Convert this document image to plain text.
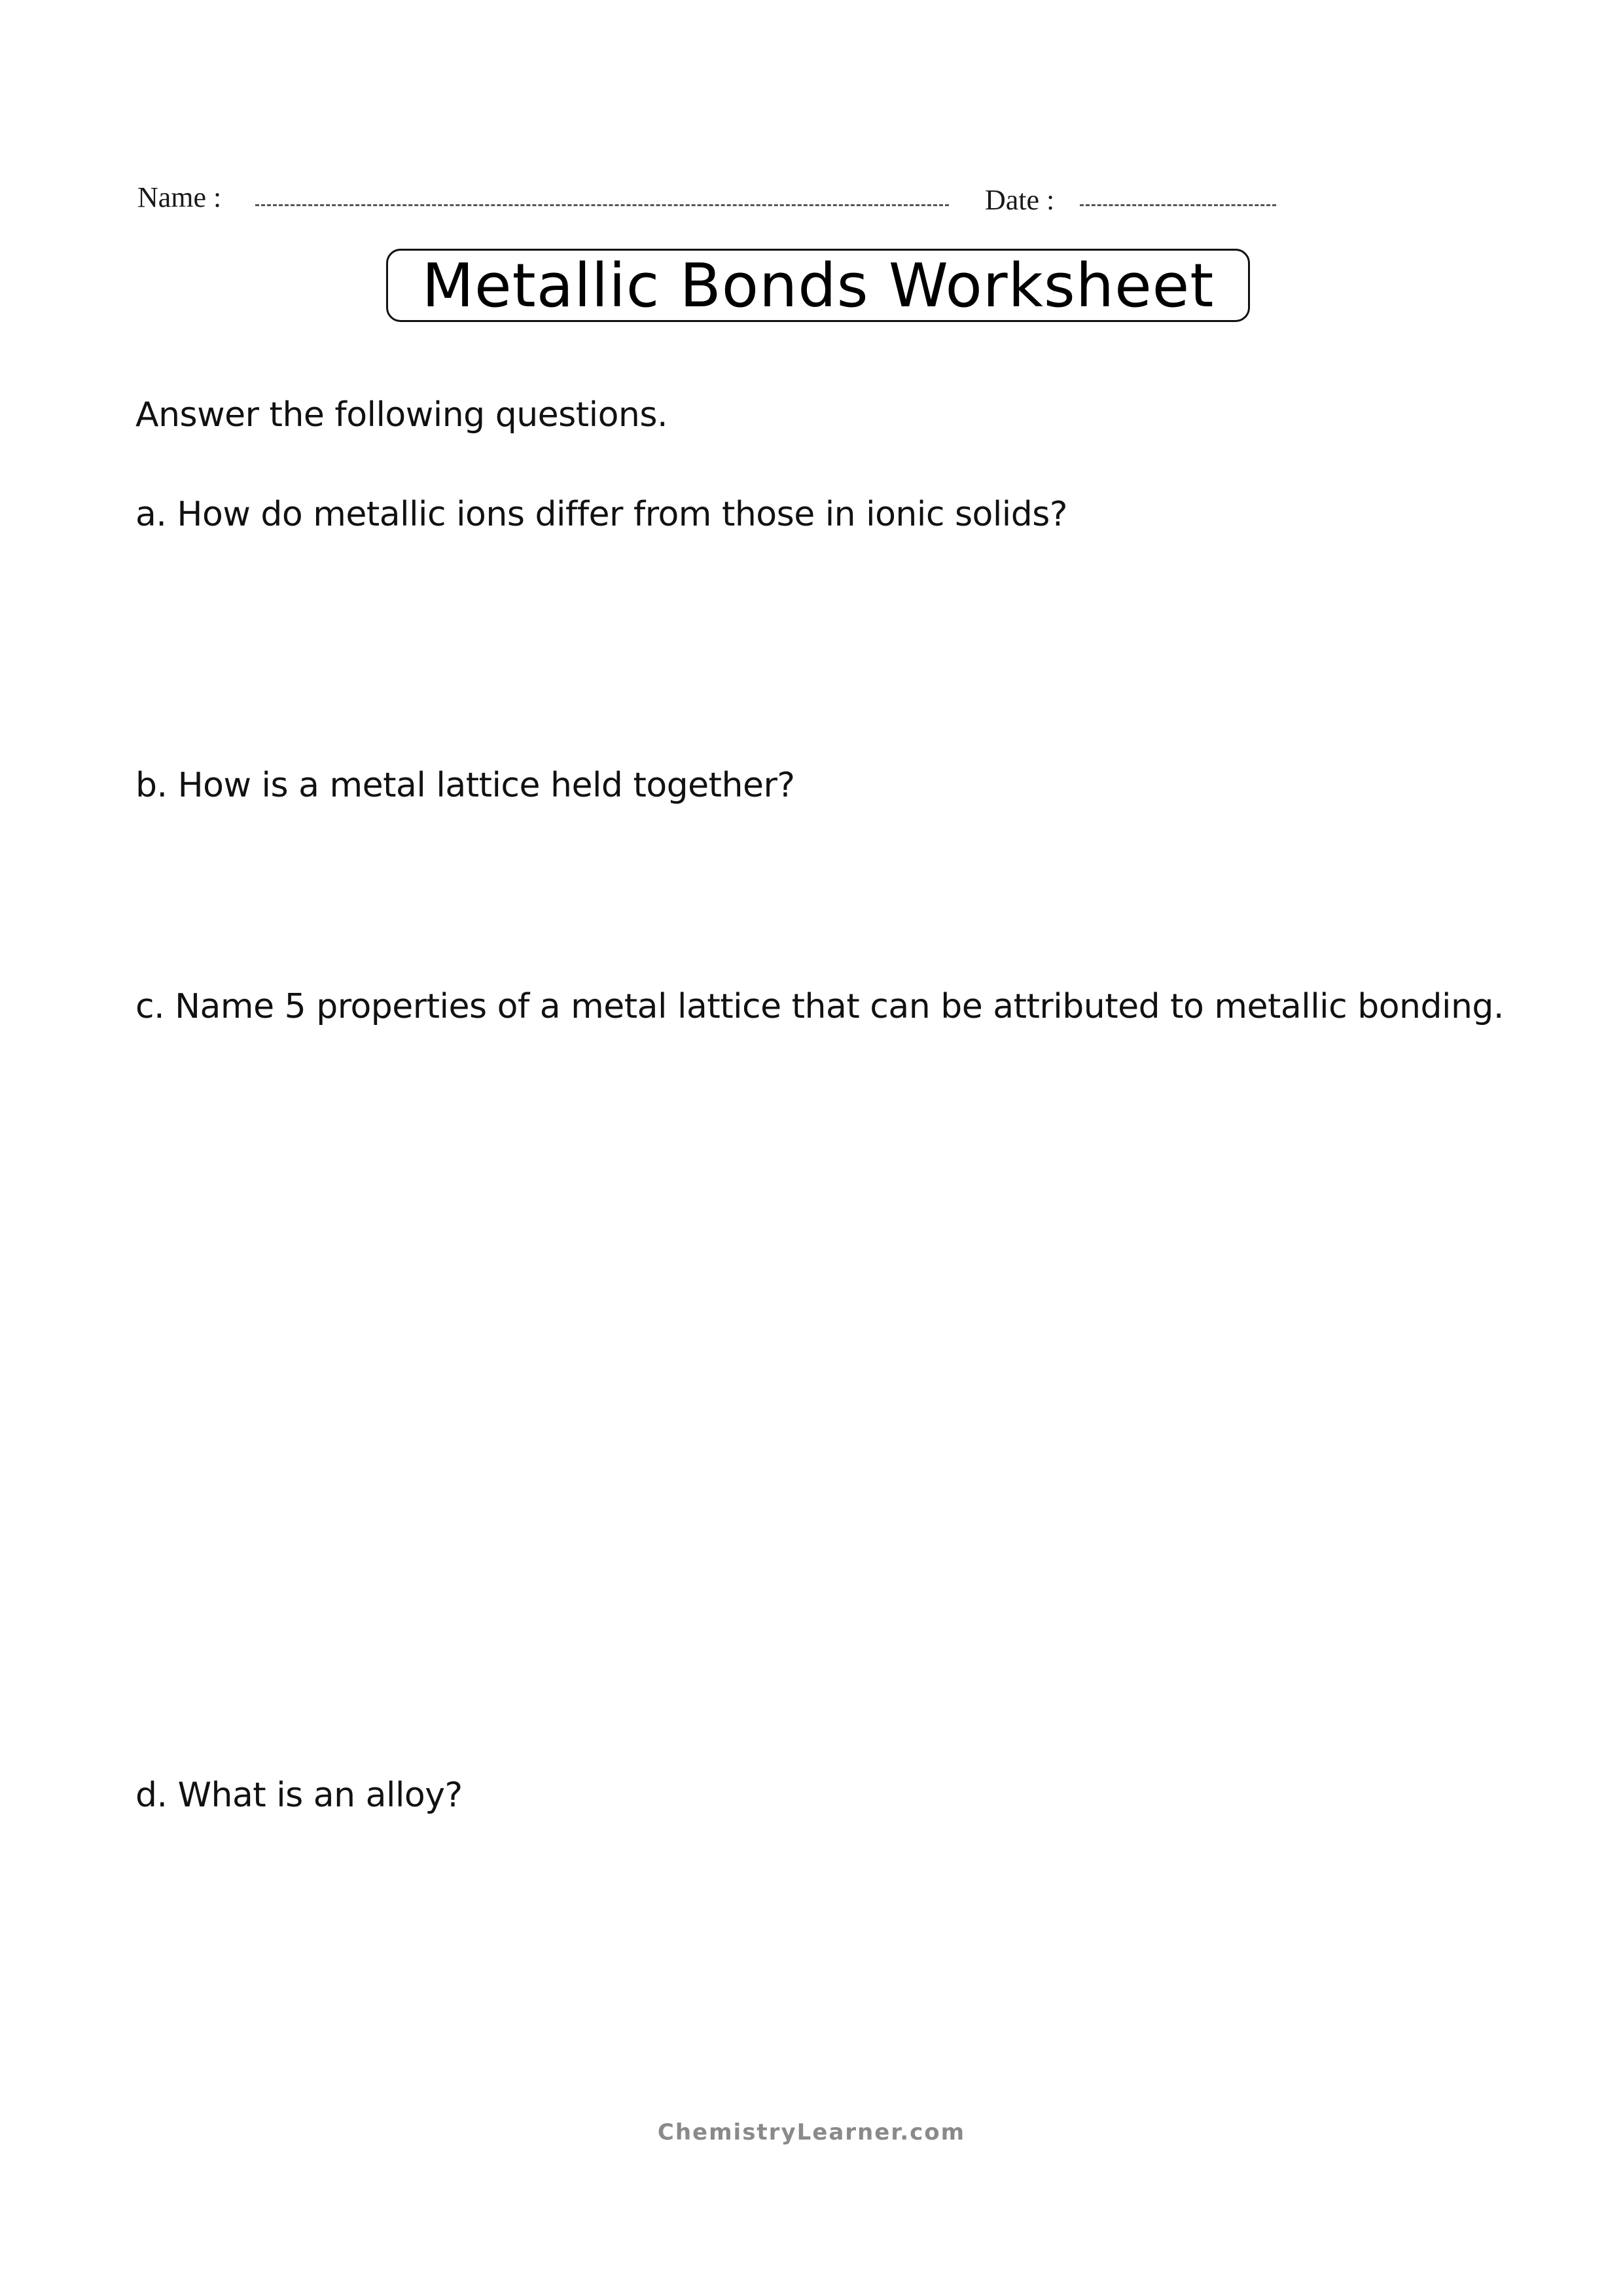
Name :	Date :
Metallic Bonds Worksheet
Answer the following questions.
a. How do metallic ions differ from those in ionic solids?
b. How is a metal lattice held together?
c. Name 5 properties of a metal lattice that can be attributed to metallic bonding.
d. What is an alloy?
ChemistryLearner.com
